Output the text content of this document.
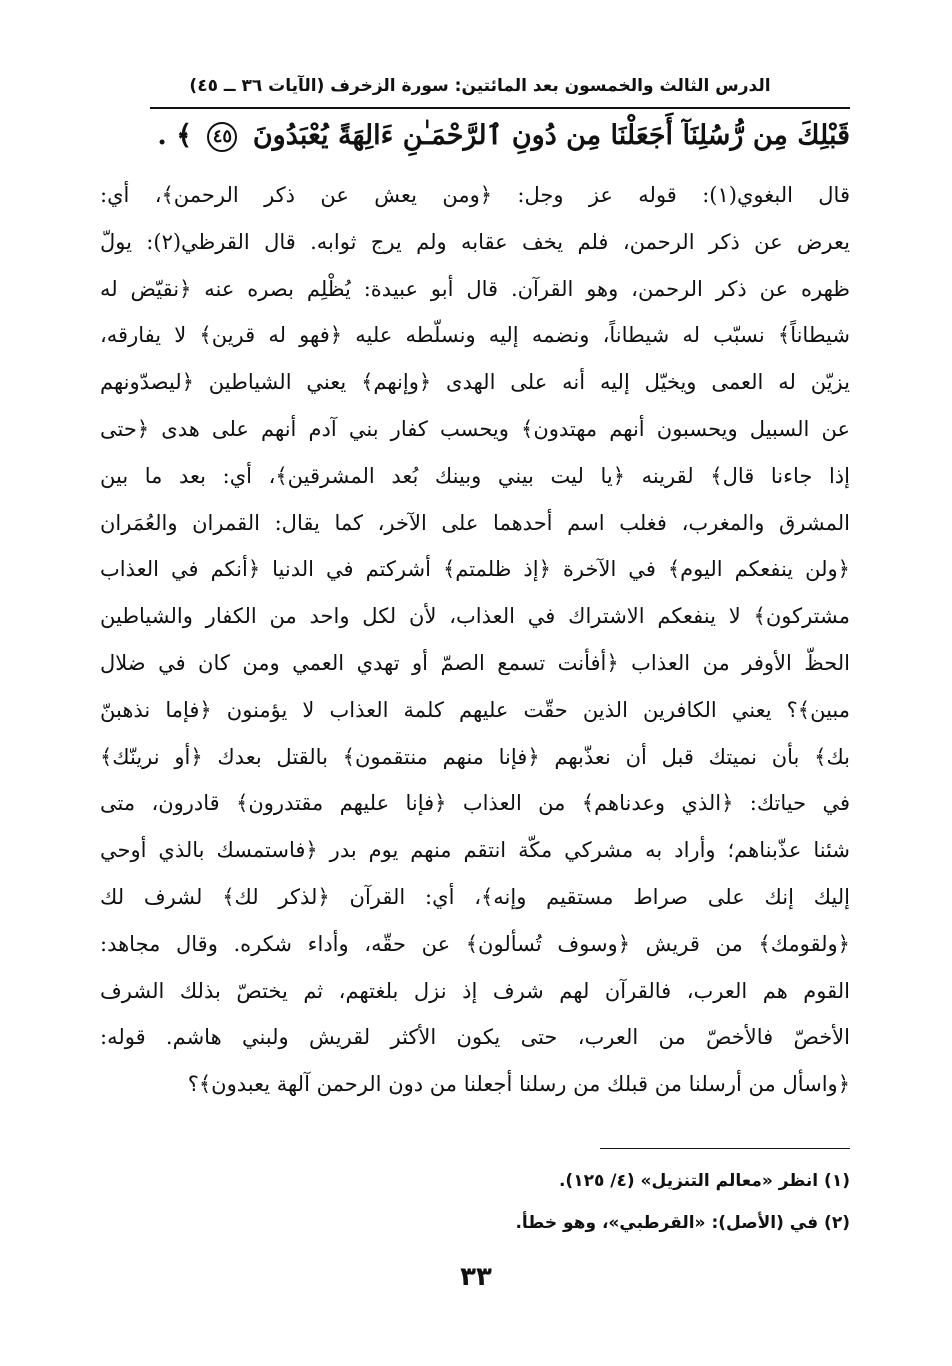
الدرس الثالث والخمسون بعد المائتين: سورة الزخرف (الآيات ٣٦ ــ ٤٥)
قَبْلِكَ مِن رُّسُلِنَآ أَجَعَلْنَا مِن دُونِ ٱلرَّحْمَـٰنِ ءَالِهَةً يُعْبَدُونَ ٤٥ ﴾ .
قال البغوي(١): قوله عز وجل: ﴿ومن يعش عن ذكر الرحمن﴾، أي:
يعرض عن ذكر الرحمن، فلم يخف عقابه ولم يرج ثوابه. قال القرظي(٢): يولّ
ظهره عن ذكر الرحمن، وهو القرآن. قال أبو عبيدة: يُظْلِم بصره عنه ﴿نقيّض له
شيطاناً﴾ نسبّب له شيطاناً، ونضمه إليه ونسلّطه عليه ﴿فهو له قرين﴾ لا يفارقه،
يزيّن له العمى ويخيّل إليه أنه على الهدى ﴿وإنهم﴾ يعني الشياطين ﴿ليصدّونهم
عن السبيل ويحسبون أنهم مهتدون﴾ ويحسب كفار بني آدم أنهم على هدى ﴿حتى
إذا جاءنا قال﴾ لقرينه ﴿يا ليت بيني وبينك بُعد المشرقين﴾، أي: بعد ما بين
المشرق والمغرب، فغلب اسم أحدهما على الآخر، كما يقال: القمران والعُمَران
﴿ولن ينفعكم اليوم﴾ في الآخرة ﴿إذ ظلمتم﴾ أشركتم في الدنيا ﴿أنكم في العذاب
مشتركون﴾ لا ينفعكم الاشتراك في العذاب، لأن لكل واحد من الكفار والشياطين
الحظّ الأوفر من العذاب ﴿أفأنت تسمع الصمّ أو تهدي العمي ومن كان في ضلال
مبين﴾؟ يعني الكافرين الذين حقّت عليهم كلمة العذاب لا يؤمنون ﴿فإما نذهبنّ
بك﴾ بأن نميتك قبل أن نعذّبهم ﴿فإنا منهم منتقمون﴾ بالقتل بعدك ﴿أو نرينّك﴾
في حياتك: ﴿الذي وعدناهم﴾ من العذاب ﴿فإنا عليهم مقتدرون﴾ قادرون، متى
شئنا عذّبناهم؛ وأراد به مشركي مكّة انتقم منهم يوم بدر ﴿فاستمسك بالذي أوحي
إليك إنك على صراط مستقيم وإنه﴾، أي: القرآن ﴿لذكر لك﴾ لشرف لك
﴿ولقومك﴾ من قريش ﴿وسوف تُسألون﴾ عن حقّه، وأداء شكره. وقال مجاهد:
القوم هم العرب، فالقرآن لهم شرف إذ نزل بلغتهم، ثم يختصّ بذلك الشرف
الأخصّ فالأخصّ من العرب، حتى يكون الأكثر لقريش ولبني هاشم. قوله:
﴿واسأل من أرسلنا من قبلك من رسلنا أجعلنا من دون الرحمن آلهة يعبدون﴾؟
(١) انظر «معالم التنزيل» (٤/ ١٢٥).
(٢) في (الأصل): «القرطبي»، وهو خطأ.
٣٣
